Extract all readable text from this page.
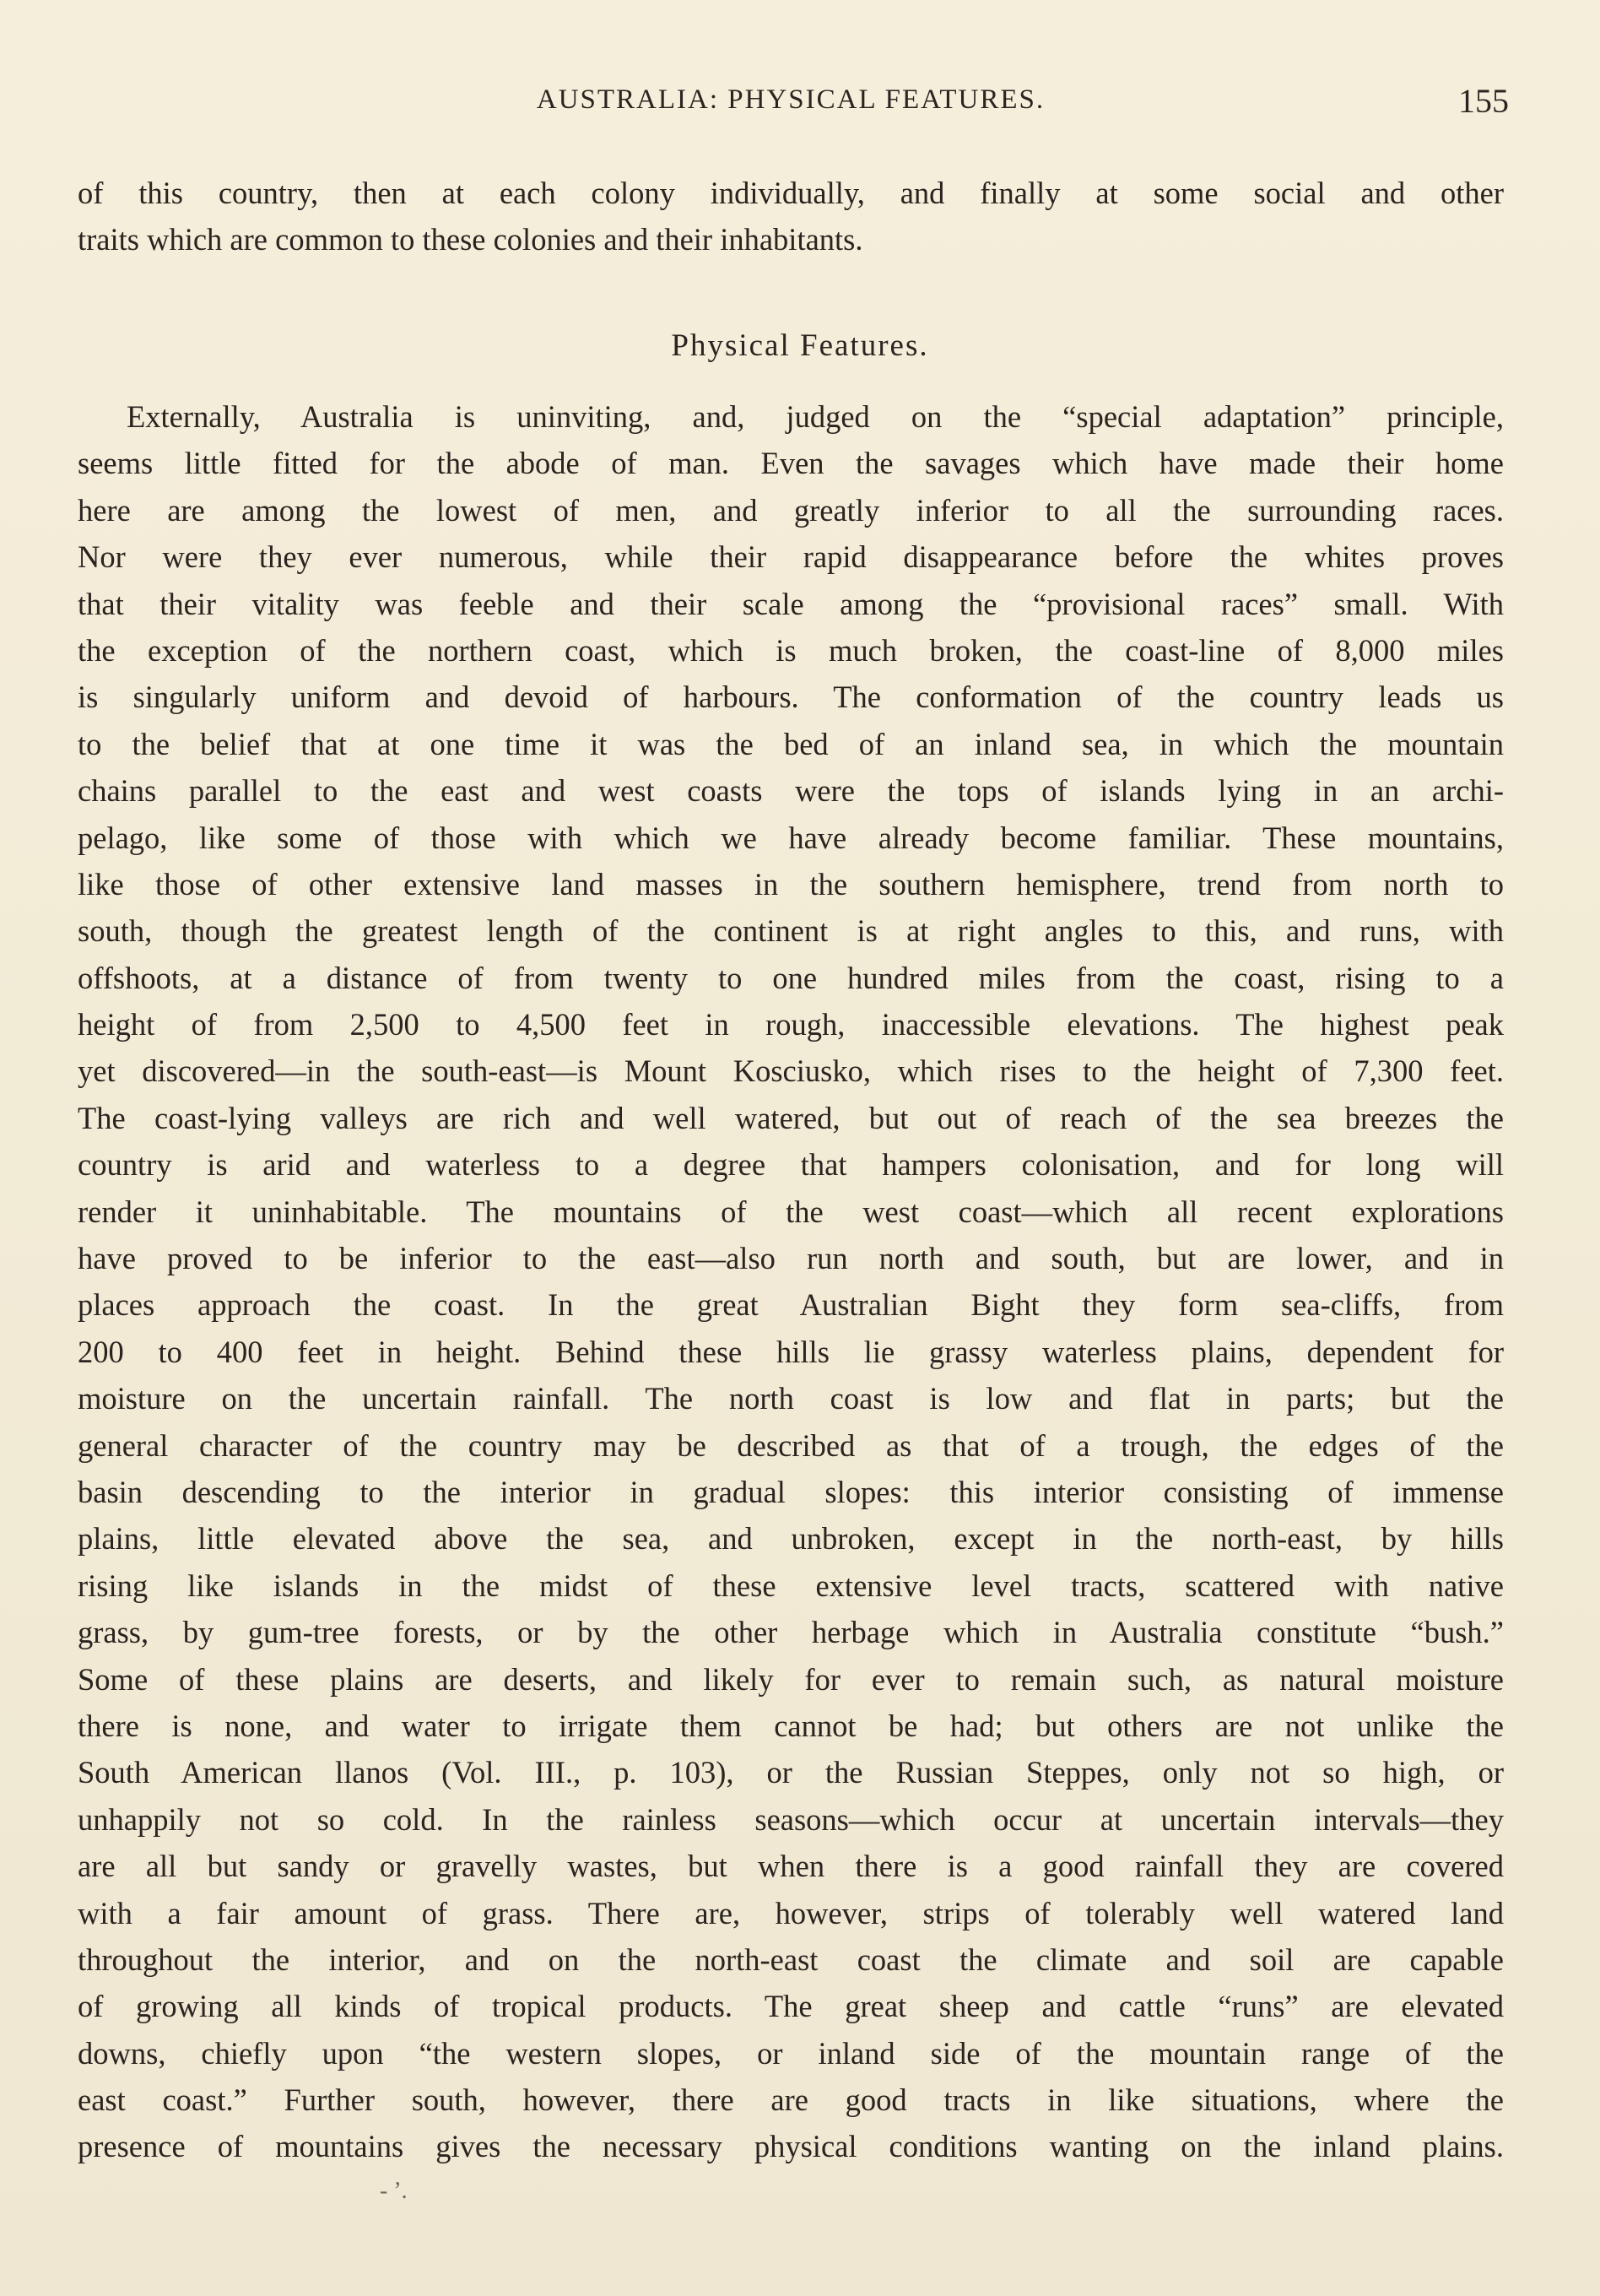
AUSTRALIA: PHYSICAL FEATURES.	155
of this country, then at each colony individually, and finally at some social and other
traits which are common to these colonies and their inhabitants.
Physical Features.
Externally, Australia is uninviting, and, judged on the “special adaptation” principle,
seems little fitted for the abode of man. Even the savages which have made their home
here are among the lowest of men, and greatly inferior to all the surrounding races.
Nor were they ever numerous, while their rapid disappearance before the whites proves
that their vitality was feeble and their scale among the “provisional races” small. With
the exception of the northern coast, which is much broken, the coast-line of 8,000 miles
is singularly uniform and devoid of harbours. The conformation of the country leads us
to the belief that at one time it was the bed of an inland sea, in which the mountain
chains parallel to the east and west coasts were the tops of islands lying in an archi-
pelago, like some of those with which we have already become familiar. These mountains,
like those of other extensive land masses in the southern hemisphere, trend from north to
south, though the greatest length of the continent is at right angles to this, and runs, with
offshoots, at a distance of from twenty to one hundred miles from the coast, rising to a
height of from 2,500 to 4,500 feet in rough, inaccessible elevations. The highest peak
yet discovered—in the south-east—is Mount Kosciusko, which rises to the height of 7,300 feet.
The coast-lying valleys are rich and well watered, but out of reach of the sea breezes the
country is arid and waterless to a degree that hampers colonisation, and for long will
render it uninhabitable. The mountains of the west coast—which all recent explorations
have proved to be inferior to the east—also run north and south, but are lower, and in
places approach the coast. In the great Australian Bight they form sea-cliffs, from
200 to 400 feet in height. Behind these hills lie grassy waterless plains, dependent for
moisture on the uncertain rainfall. The north coast is low and flat in parts; but the
general character of the country may be described as that of a trough, the edges of the
basin descending to the interior in gradual slopes: this interior consisting of immense
plains, little elevated above the sea, and unbroken, except in the north-east, by hills
rising like islands in the midst of these extensive level tracts, scattered with native
grass, by gum-tree forests, or by the other herbage which in Australia constitute “bush.”
Some of these plains are deserts, and likely for ever to remain such, as natural moisture
there is none, and water to irrigate them cannot be had; but others are not unlike the
South American llanos (Vol. III., p. 103), or the Russian Steppes, only not so high, or
unhappily not so cold. In the rainless seasons—which occur at uncertain intervals—they
are all but sandy or gravelly wastes, but when there is a good rainfall they are covered
with a fair amount of grass. There are, however, strips of tolerably well watered land
throughout the interior, and on the north-east coast the climate and soil are capable
of growing all kinds of tropical products. The great sheep and cattle “runs” are elevated
downs, chiefly upon “the western slopes, or inland side of the mountain range of the
east coast.” Further south, however, there are good tracts in like situations, where the
presence of mountains gives the necessary physical conditions wanting on the inland plains.
- ʼ.
